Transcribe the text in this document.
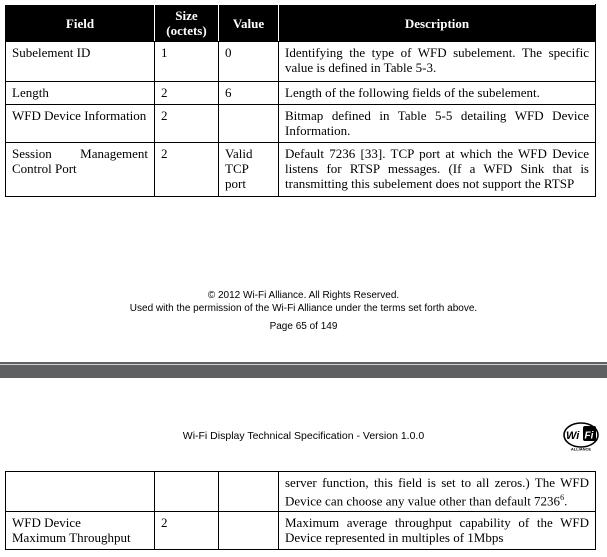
Field	Size (octets)	Value	Description
Subelement ID	1	0	Identifying the type of WFD subelement. The specific value is defined in Table 5-3.
Length	2	6	Length of the following fields of the subelement.
WFD Device Information	2		Bitmap defined in Table 5-5 detailing WFD Device Information.
Session Management Control Port	2	Valid TCP port	Default 7236 [33]. TCP port at which the WFD Device listens for RTSP messages. (If a WFD Sink that is transmitting this subelement does not support the RTSP
© 2012 Wi-Fi Alliance. All Rights Reserved.
Used with the permission of the Wi-Fi Alliance under the terms set forth above.
Page 65 of 149
Wi-Fi Display Technical Specification - Version 1.0.0	Wi Fi
ALLIANCE
			server function, this field is set to all zeros.) The WFD Device can choose any value other than default 7236$^6$.
WFD Device Maximum Throughput	2		Maximum average throughput capability of the WFD Device represented in multiples of 1Mbps
